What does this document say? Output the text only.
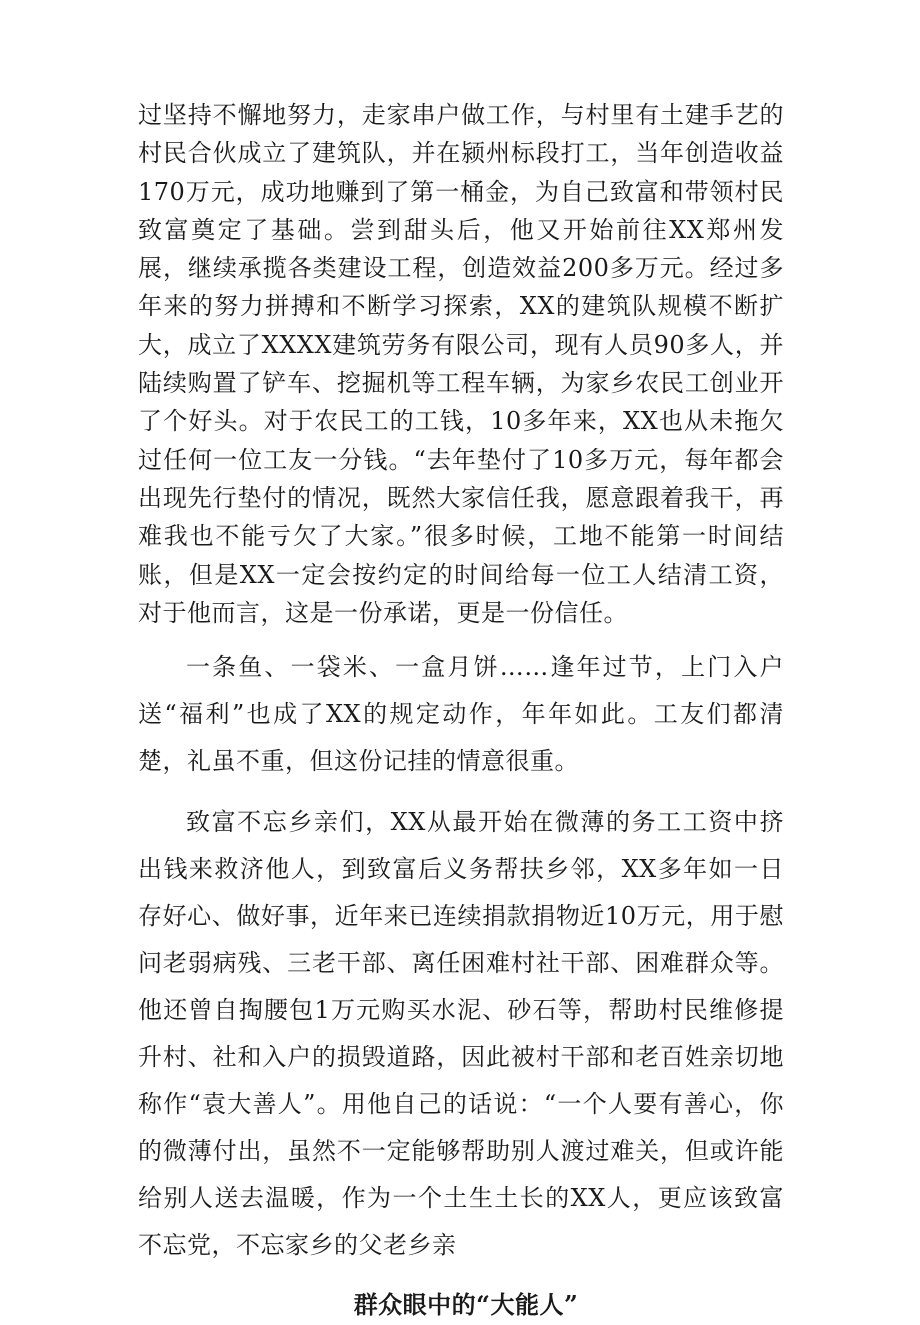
过坚持不懈地努力，走家串户做工作，与村里有土建手艺的村民合伙成立了建筑队，并在颍州标段打工，当年创造收益170万元，成功地赚到了第一桶金，为自己致富和带领村民致富奠定了基础。尝到甜头后，他又开始前往XX郑州发展，继续承揽各类建设工程，创造效益200多万元。经过多年来的努力拼搏和不断学习探索，XX的建筑队规模不断扩大，成立了XXXX建筑劳务有限公司，现有人员90多人，并陆续购置了铲车、挖掘机等工程车辆，为家乡农民工创业开了个好头。对于农民工的工钱，10多年来，XX也从未拖欠过任何一位工友一分钱。“去年垫付了10多万元，每年都会出现先行垫付的情况，既然大家信任我，愿意跟着我干，再难我也不能亏欠了大家。”很多时候，工地不能第一时间结账，但是XX一定会按约定的时间给每一位工人结清工资，对于他而言，这是一份承诺，更是一份信任。

一条鱼、一袋米、一盒月饼……逢年过节，上门入户送“福利”也成了XX的规定动作，年年如此。工友们都清楚，礼虽不重，但这份记挂的情意很重。

致富不忘乡亲们，XX从最开始在微薄的务工工资中挤出钱来救济他人，到致富后义务帮扶乡邻，XX多年如一日存好心、做好事，近年来已连续捐款捐物近10万元，用于慰问老弱病残、三老干部、离任困难村社干部、困难群众等。他还曾自掏腰包1万元购买水泥、砂石等，帮助村民维修提升村、社和入户的损毁道路，因此被村干部和老百姓亲切地称作“袁大善人”。用他自己的话说：“一个人要有善心，你的微薄付出，虽然不一定能够帮助别人渡过难关，但或许能给别人送去温暖，作为一个土生土长的XX人，更应该致富不忘党，不忘家乡的父老乡亲

群众眼中的“大能人”
